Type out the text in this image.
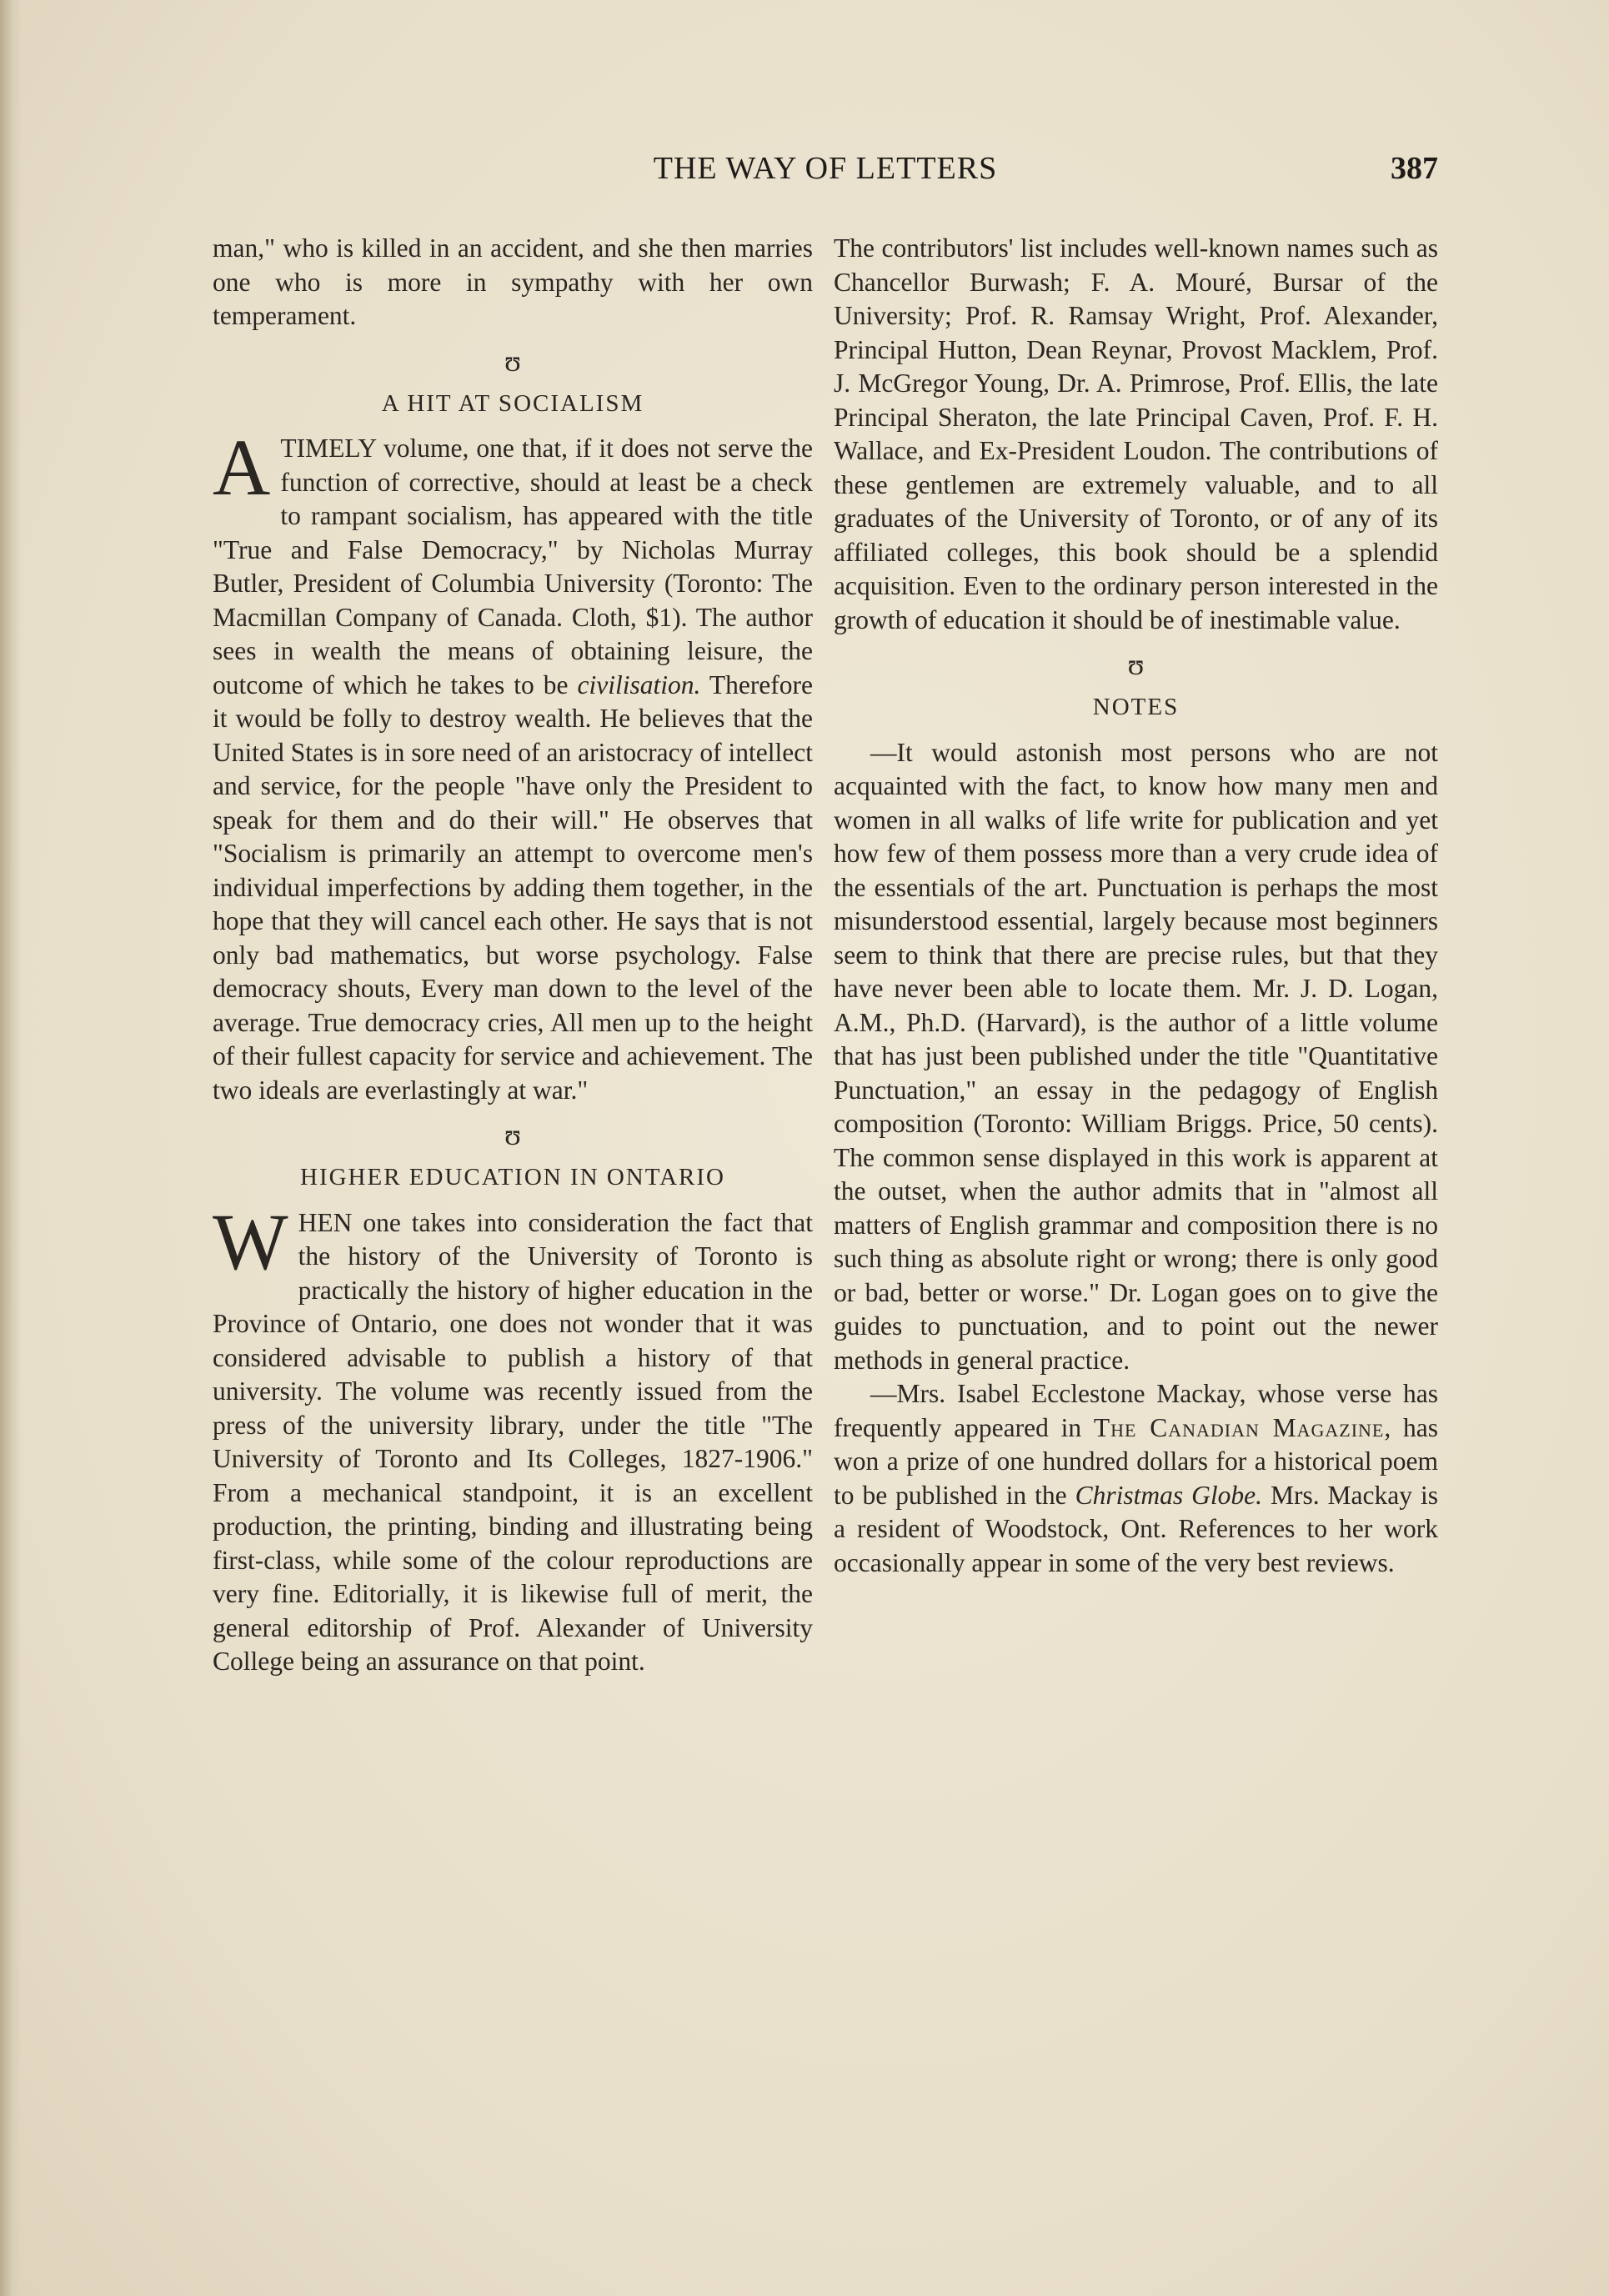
THE WAY OF LETTERS	387

man," who is killed in an accident, and she then marries one who is more in sympathy with her own temperament.

ʊ
A HIT AT SOCIALISM

ATIMELY volume, one that, if it does not serve the function of corrective, should at least be a check to rampant socialism, has appeared with the title "True and False Democracy," by Nicholas Murray Butler, President of Columbia University (Toronto: The Macmillan Company of Canada. Cloth, $1). The author sees in wealth the means of obtaining leisure, the outcome of which he takes to be civilisation. Therefore it would be folly to destroy wealth. He believes that the United States is in sore need of an aristocracy of intellect and service, for the people "have only the President to speak for them and do their will." He observes that "Socialism is primarily an attempt to overcome men's individual imperfections by adding them together, in the hope that they will cancel each other. He says that is not only bad mathematics, but worse psychology. False democracy shouts, Every man down to the level of the average. True democracy cries, All men up to the height of their fullest capacity for service and achievement. The two ideals are everlastingly at war."

ʊ
HIGHER EDUCATION IN ONTARIO

WHEN one takes into consideration the fact that the history of the University of Toronto is practically the history of higher education in the Province of Ontario, one does not wonder that it was considered advisable to publish a history of that university. The volume was recently issued from the press of the university library, under the title "The University of Toronto and Its Colleges, 1827-1906." From a mechanical standpoint, it is an excellent production, the printing, binding and illustrating being first-class, while some of the colour reproductions are very fine. Editorially, it is likewise full of merit, the general editorship of Prof. Alexander of University College being an assurance on that point.

The contributors' list includes well-known names such as Chancellor Burwash; F. A. Mouré, Bursar of the University; Prof. R. Ramsay Wright, Prof. Alexander, Principal Hutton, Dean Reynar, Provost Macklem, Prof. J. McGregor Young, Dr. A. Primrose, Prof. Ellis, the late Principal Sheraton, the late Principal Caven, Prof. F. H. Wallace, and Ex-President Loudon. The contributions of these gentlemen are extremely valuable, and to all graduates of the University of Toronto, or of any of its affiliated colleges, this book should be a splendid acquisition. Even to the ordinary person interested in the growth of education it should be of inestimable value.

ʊ
NOTES

—It would astonish most persons who are not acquainted with the fact, to know how many men and women in all walks of life write for publication and yet how few of them possess more than a very crude idea of the essentials of the art. Punctuation is perhaps the most misunderstood essential, largely because most beginners seem to think that there are precise rules, but that they have never been able to locate them. Mr. J. D. Logan, A.M., Ph.D. (Harvard), is the author of a little volume that has just been published under the title "Quantitative Punctuation," an essay in the pedagogy of English composition (Toronto: William Briggs. Price, 50 cents). The common sense displayed in this work is apparent at the outset, when the author admits that in "almost all matters of English grammar and composition there is no such thing as absolute right or wrong; there is only good or bad, better or worse." Dr. Logan goes on to give the guides to punctuation, and to point out the newer methods in general practice.

—Mrs. Isabel Ecclestone Mackay, whose verse has frequently appeared in The Canadian Magazine, has won a prize of one hundred dollars for a historical poem to be published in the Christmas Globe. Mrs. Mackay is a resident of Woodstock, Ont. References to her work occasionally appear in some of the very best reviews.
